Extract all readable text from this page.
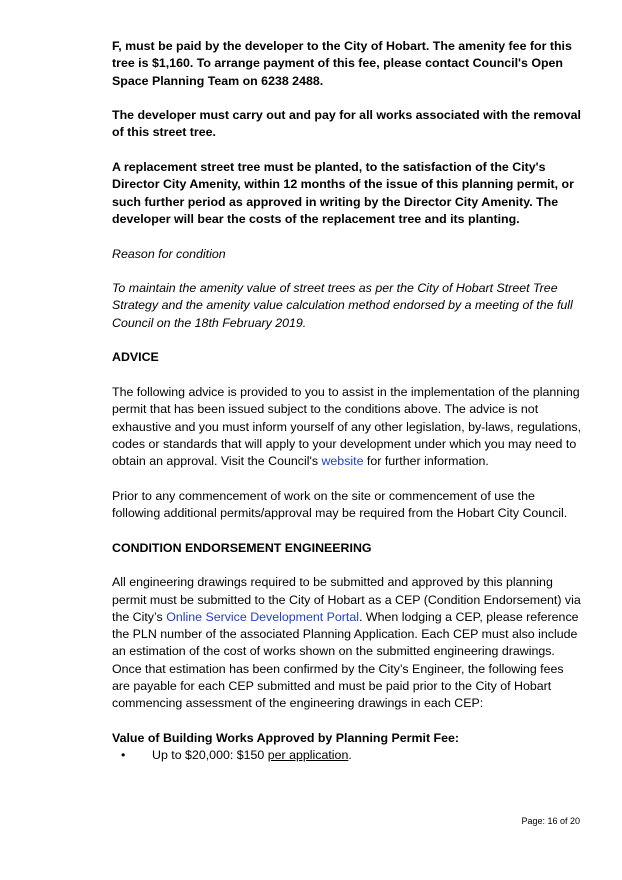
F, must be paid by the developer to the City of Hobart. The amenity fee for this tree is $1,160. To arrange payment of this fee, please contact Council's Open Space Planning Team on 6238 2488.

The developer must carry out and pay for all works associated with the removal of this street tree.

A replacement street tree must be planted, to the satisfaction of the City's Director City Amenity, within 12 months of the issue of this planning permit, or such further period as approved in writing by the Director City Amenity. The developer will bear the costs of the replacement tree and its planting.

Reason for condition

To maintain the amenity value of street trees as per the City of Hobart Street Tree Strategy and the amenity value calculation method endorsed by a meeting of the full Council on the 18th February 2019.

ADVICE

The following advice is provided to you to assist in the implementation of the planning permit that has been issued subject to the conditions above. The advice is not exhaustive and you must inform yourself of any other legislation, by-laws, regulations, codes or standards that will apply to your development under which you may need to obtain an approval. Visit the Council's website for further information.

Prior to any commencement of work on the site or commencement of use the following additional permits/approval may be required from the Hobart City Council.

CONDITION ENDORSEMENT ENGINEERING

All engineering drawings required to be submitted and approved by this planning permit must be submitted to the City of Hobart as a CEP (Condition Endorsement) via the City’s Online Service Development Portal. When lodging a CEP, please reference the PLN number of the associated Planning Application. Each CEP must also include an estimation of the cost of works shown on the submitted engineering drawings. Once that estimation has been confirmed by the City’s Engineer, the following fees are payable for each CEP submitted and must be paid prior to the City of Hobart commencing assessment of the engineering drawings in each CEP:

Value of Building Works Approved by Planning Permit Fee:

• Up to $20,000: $150 per application.
Page: 16 of 20
